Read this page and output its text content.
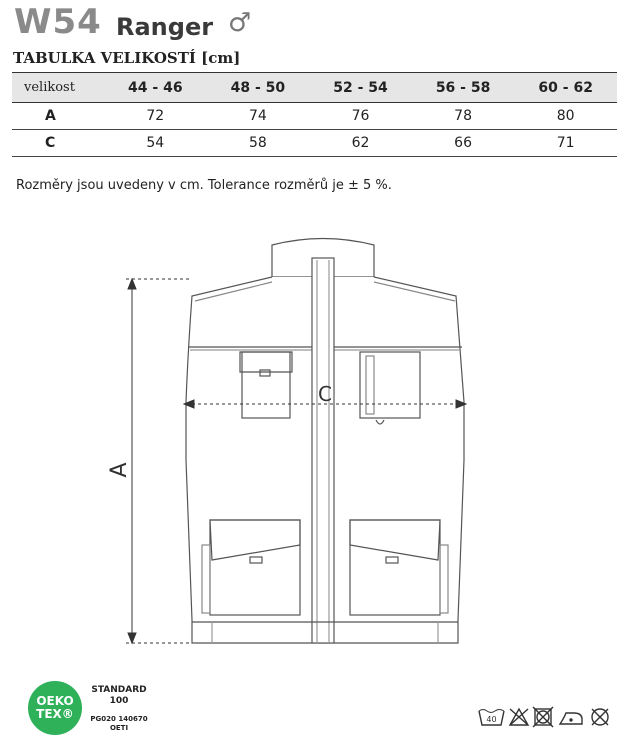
W54 Ranger ♂
TABULKA VELIKOSTÍ [cm]
velikost	44 - 46	48 - 50	52 - 54	56 - 58	60 - 62
A	72	74	76	78	80
C	54	58	62	66	71
Rozměry jsou uvedeny v cm. Tolerance rozměrů je ± 5 %.
A
C
OEKO
TEX®
STANDARD
100
PG020 140670
OETI
40
